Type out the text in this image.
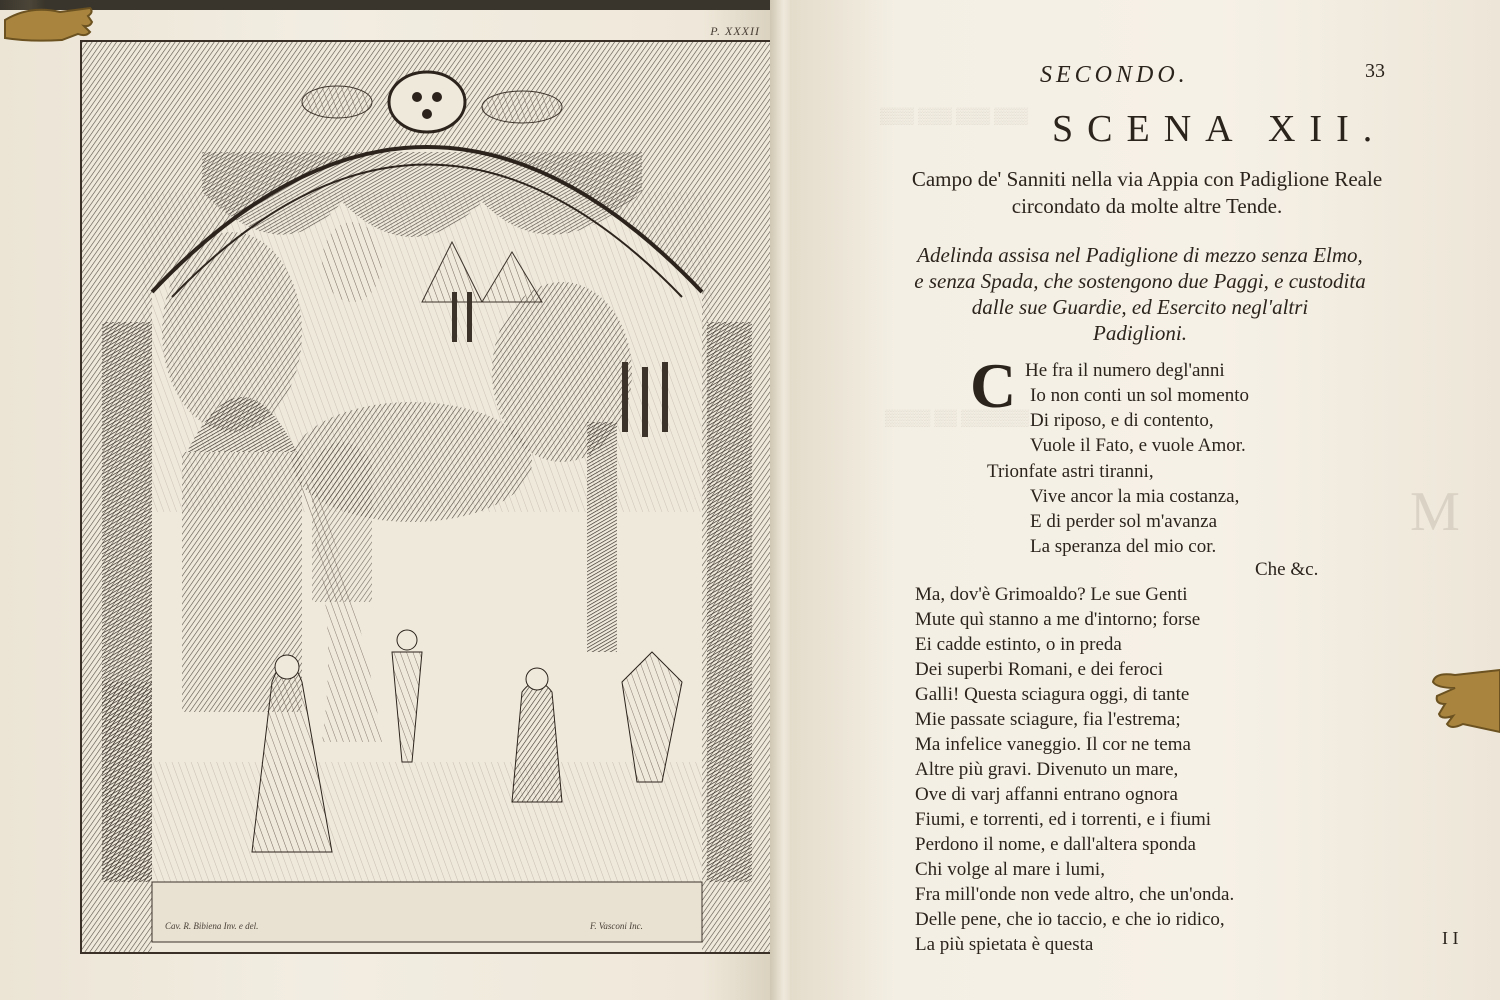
P. XXXII
Cav. R. Bibiena Inv. e del.	F. Vasconi Inc.
▒▒▒ ▒▒▒ ▒▒▒ ▒▒▒
▒▒▒▒ ▒▒ ▒▒▒▒▒▒
M
SECONDO.	33
SCENA XII.
Campo de' Sanniti nella via Appia con Padiglione Reale
circondato da molte altre Tende.
Adelinda assisa nel Padiglione di mezzo senza Elmo,
e senza Spada, che sostengono due Paggi, e custodita
dalle sue Guardie, ed Esercito negl'altri
Padiglioni.
C He fra il numero degl'anni
Io non conti un sol momento
Di riposo, e di contento,
Vuole il Fato, e vuole Amor.
Trionfate astri tiranni,
Vive ancor la mia costanza,
E di perder sol m'avanza
La speranza del mio cor.
Che &c.
Ma, dov'è Grimoaldo? Le sue Genti
Mute quì stanno a me d'intorno; forse
Ei cadde estinto, o in preda
Dei superbi Romani, e dei feroci
Galli! Questa sciagura oggi, di tante
Mie passate sciagure, fia l'estrema;
Ma infelice vaneggio. Il cor ne tema
Altre più gravi. Divenuto un mare,
Ove di varj affanni entrano ognora
Fiumi, e torrenti, ed i torrenti, e i fiumi
Perdono il nome, e dall'altera sponda
Chi volge al mare i lumi,
Fra mill'onde non vede altro, che un'onda.
Delle pene, che io taccio, e che io ridico,
La più spietata è questa	I I
